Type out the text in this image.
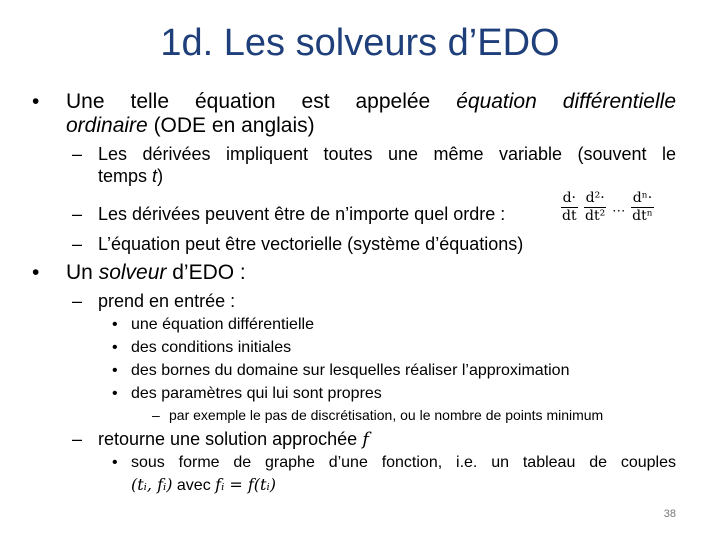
1d. Les solveurs d’EDO
• Une telle équation est appelée équation différentielle
ordinaire (ODE en anglais)
– Les dérivées impliquent toutes une même variable (souvent le
temps t)
– Les dérivées peuvent être de n’importe quel ordre :	$\frac{d\cdot}{dt}$
$\frac{\text{d²·}}{\text{dt²}}$ … $\frac{\text{dⁿ·}}{\text{dtⁿ}}$
– L’équation peut être vectorielle (système d’équations)
• Un solveur d’EDO :
– prend en entrée :
• une équation différentielle
• des conditions initiales
• des bornes du domaine sur lesquelles réaliser l’approximation
• des paramètres qui lui sont propres
– par exemple le pas de discrétisation, ou le nombre de points minimum
– retourne une solution approchée f
• sous forme de graphe d’une fonction, i.e. un tableau de couples
(tᵢ, fᵢ) avec fᵢ = f(tᵢ)
38
